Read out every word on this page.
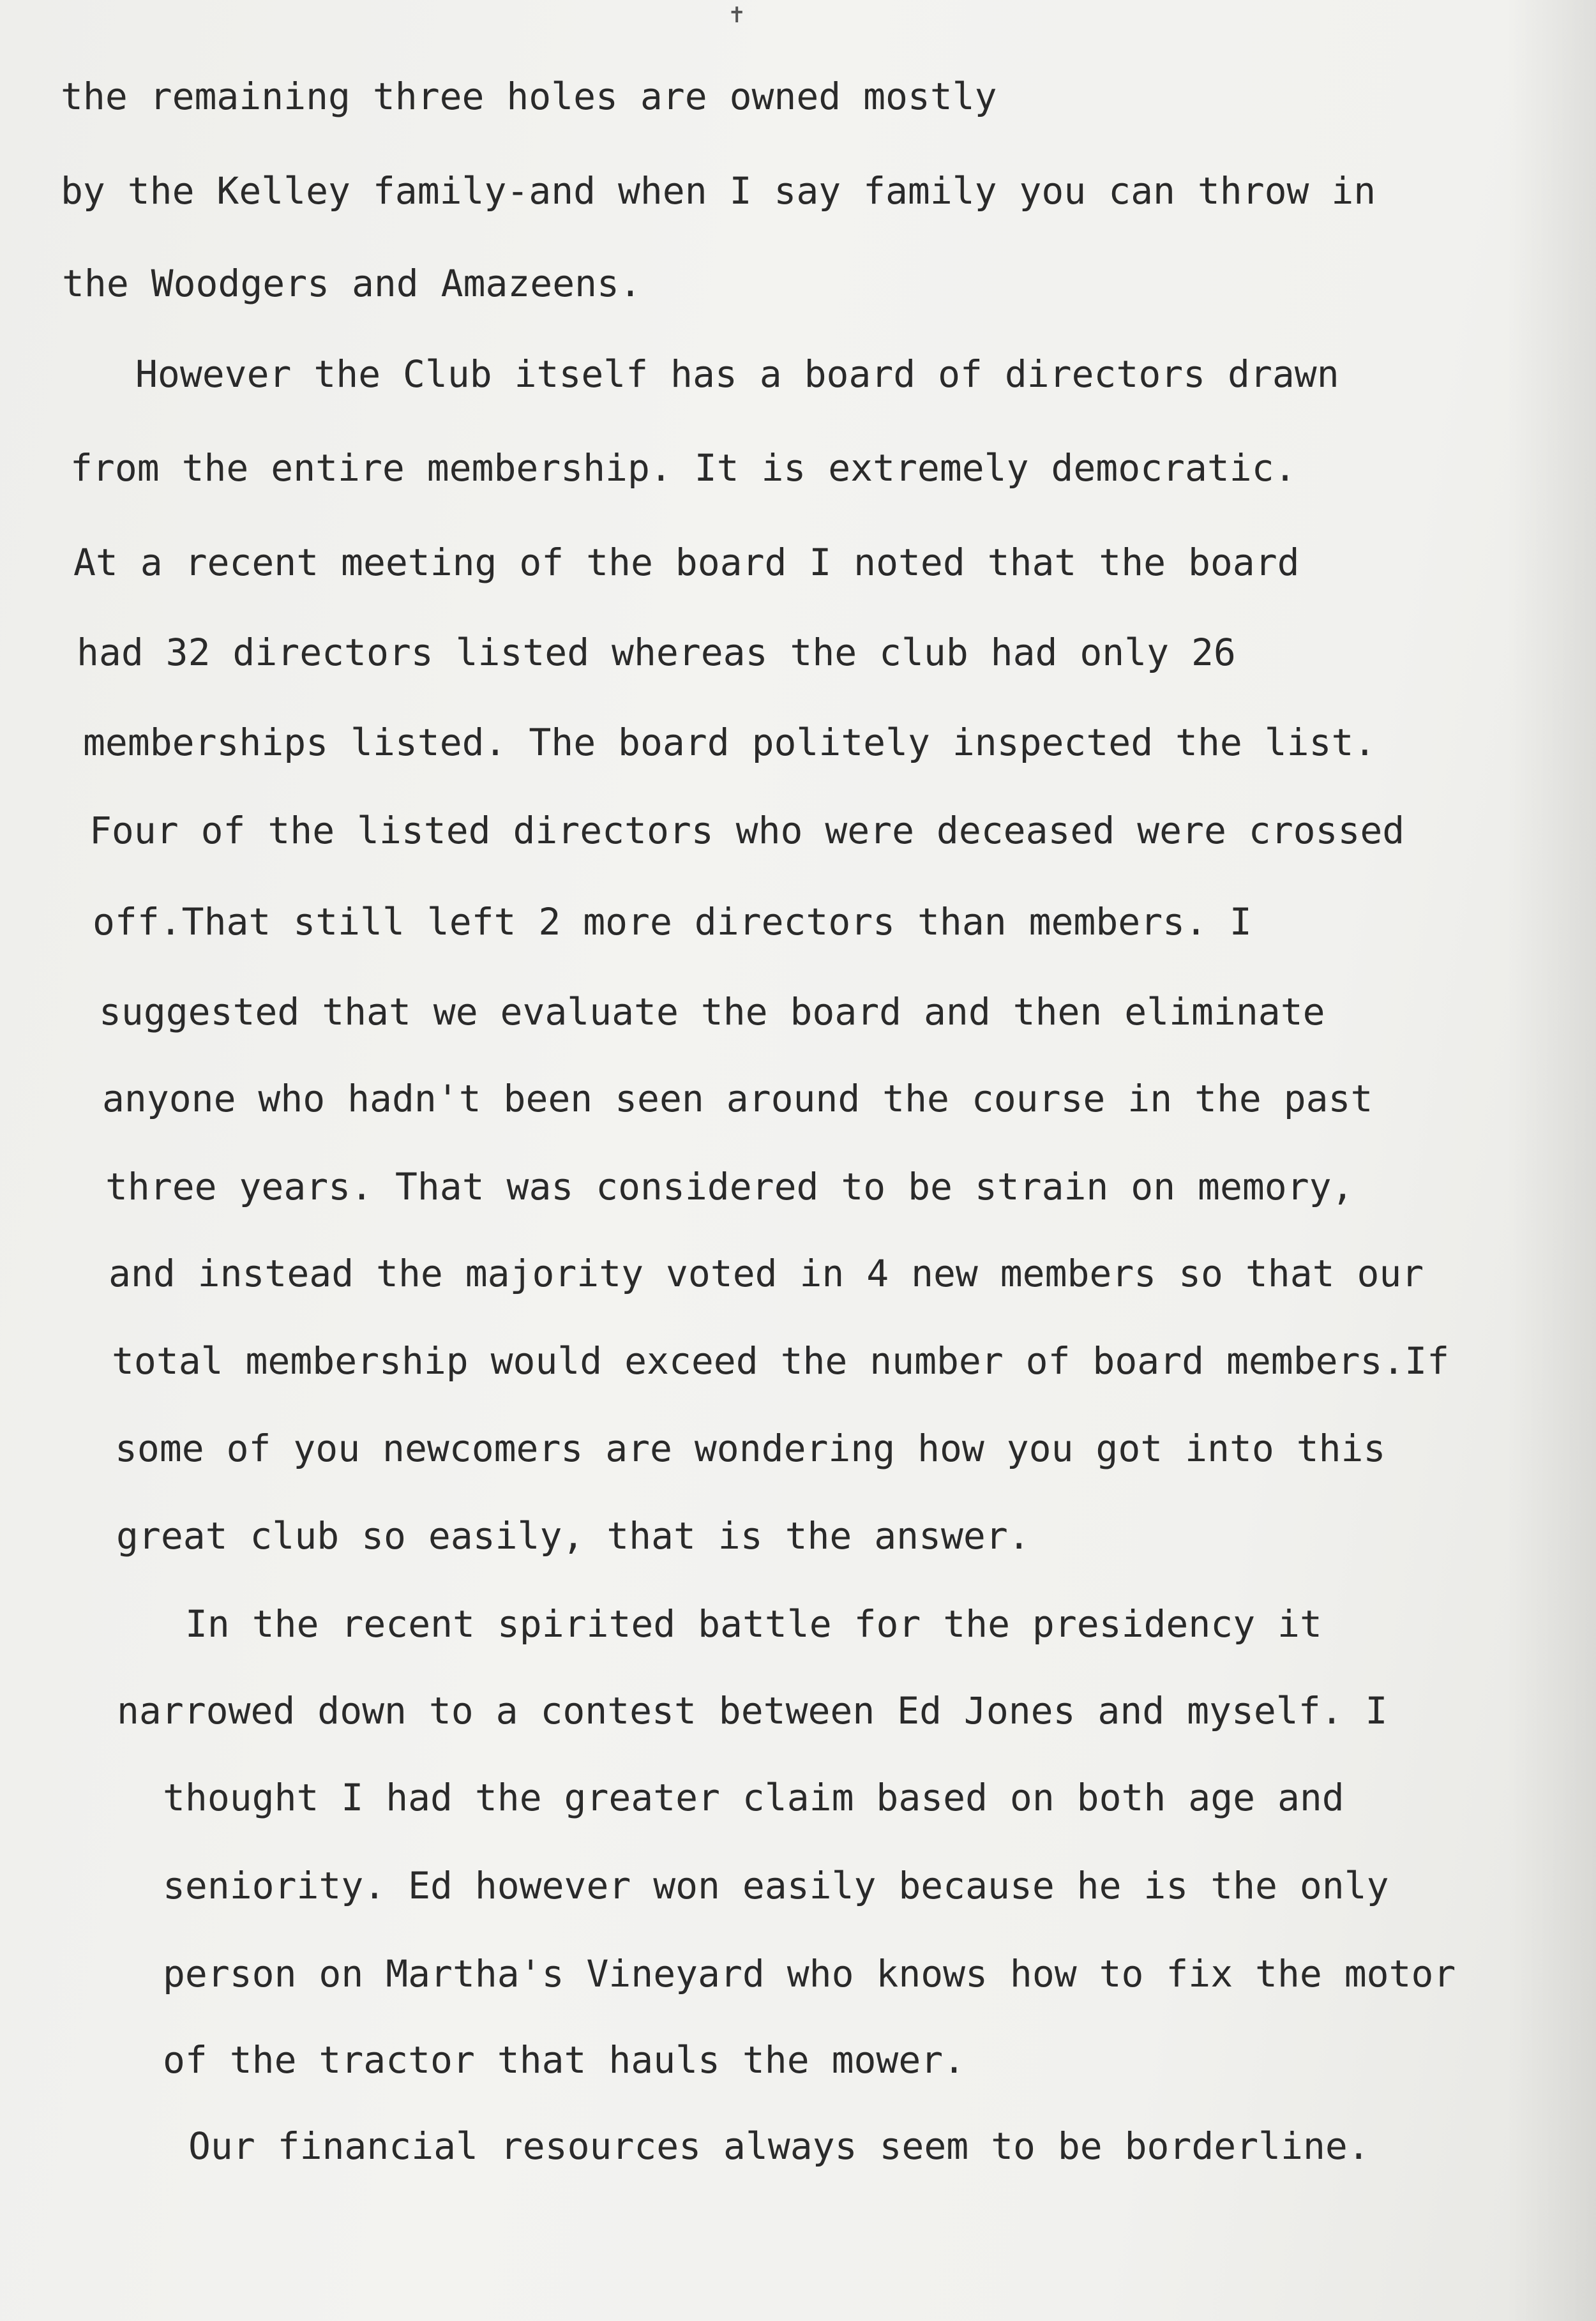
✝
the remaining three holes are owned mostly
by the Kelley family-and when I say family you can throw in
the Woodgers and Amazeens.
However the Club itself has a board of directors drawn
from the entire membership. It is extremely democratic.
At a recent meeting of the board I noted that the board
had 32 directors listed whereas the club had only 26
memberships listed. The board politely inspected the list.
Four of the listed directors who were deceased were crossed
off.That still left 2 more directors than members. I
suggested that we evaluate the board and then eliminate
anyone who hadn't been seen around the course in the past
three years. That was considered to be strain on memory,
and instead the majority voted in 4 new members so that our
total membership would exceed the number of board members.If
some of you newcomers are wondering how you got into this
great club so easily, that is the answer.
In the recent spirited battle for the presidency it
narrowed down to a contest between Ed Jones and myself. I
thought I had the greater claim based on both age and
seniority. Ed however won easily because he is the only
person on Martha's Vineyard who knows how to fix the motor
of the tractor that hauls the mower.
Our financial resources always seem to be borderline.
